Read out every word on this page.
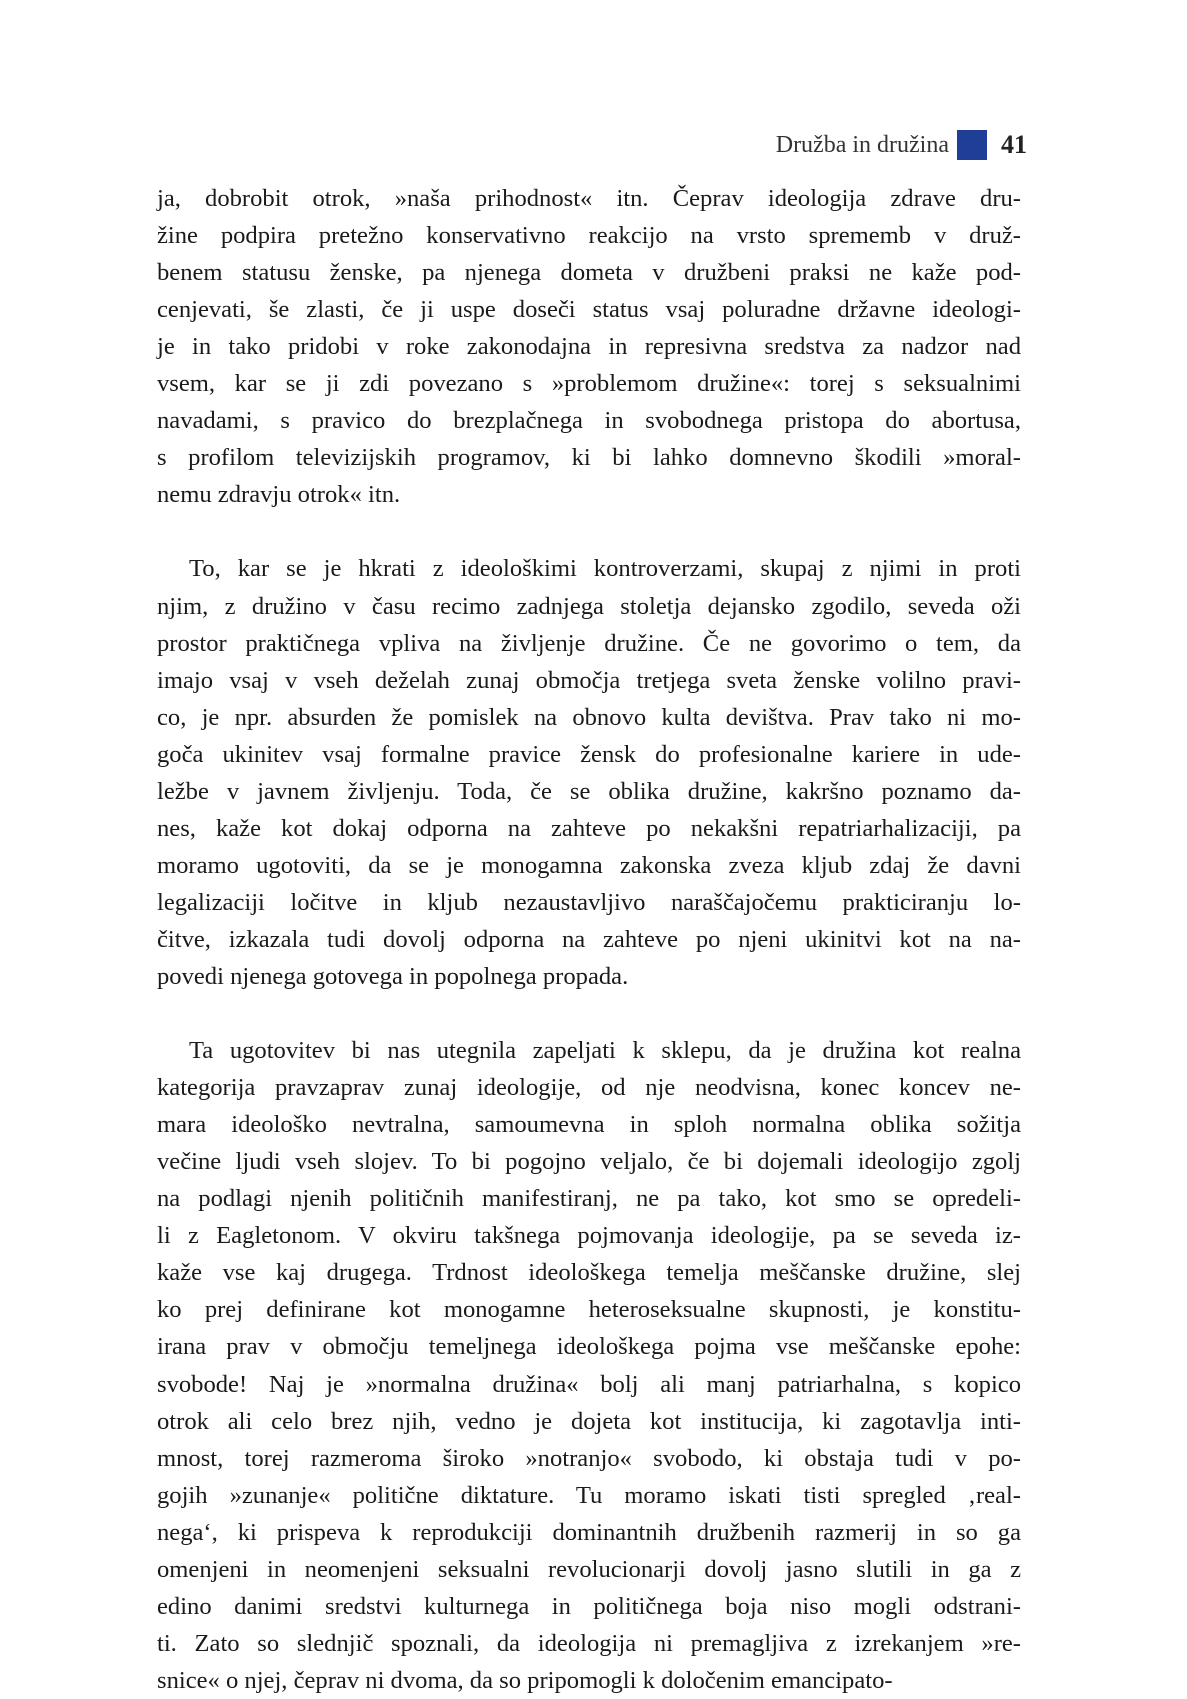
Družba in družina 41

ja, dobrobit otrok, »naša prihodnost« itn. Čeprav ideologija zdrave dru-
žine podpira pretežno konservativno reakcijo na vrsto sprememb v druž-
benem statusu ženske, pa njenega dometa v družbeni praksi ne kaže pod-
cenjevati, še zlasti, če ji uspe doseči status vsaj poluradne državne ideologi-
je in tako pridobi v roke zakonodajna in represivna sredstva za nadzor nad
vsem, kar se ji zdi povezano s »problemom družine«: torej s seksualnimi
navadami, s pravico do brezplačnega in svobodnega pristopa do abortusa,
s profilom televizijskih programov, ki bi lahko domnevno škodili »moral-
nemu zdravju otrok« itn.

To, kar se je hkrati z ideološkimi kontroverzami, skupaj z njimi in proti
njim, z družino v času recimo zadnjega stoletja dejansko zgodilo, seveda oži
prostor praktičnega vpliva na življenje družine. Če ne govorimo o tem, da
imajo vsaj v vseh deželah zunaj območja tretjega sveta ženske volilno pravi-
co, je npr. absurden že pomislek na obnovo kulta devištva. Prav tako ni mo-
goča ukinitev vsaj formalne pravice žensk do profesionalne kariere in ude-
ležbe v javnem življenju. Toda, če se oblika družine, kakršno poznamo da-
nes, kaže kot dokaj odporna na zahteve po nekakšni repatriarhalizaciji, pa
moramo ugotoviti, da se je monogamna zakonska zveza kljub zdaj že davni
legalizaciji ločitve in kljub nezaustavljivo naraščajočemu prakticiranju lo-
čitve, izkazala tudi dovolj odporna na zahteve po njeni ukinitvi kot na na-
povedi njenega gotovega in popolnega propada.

Ta ugotovitev bi nas utegnila zapeljati k sklepu, da je družina kot realna
kategorija pravzaprav zunaj ideologije, od nje neodvisna, konec koncev ne-
mara ideološko nevtralna, samoumevna in sploh normalna oblika sožitja
večine ljudi vseh slojev. To bi pogojno veljalo, če bi dojemali ideologijo zgolj
na podlagi njenih političnih manifestiranj, ne pa tako, kot smo se opredeli-
li z Eagletonom. V okviru takšnega pojmovanja ideologije, pa se seveda iz-
kaže vse kaj drugega. Trdnost ideološkega temelja meščanske družine, slej
ko prej definirane kot monogamne heteroseksualne skupnosti, je konstitu-
irana prav v območju temeljnega ideološkega pojma vse meščanske epohe:
svobode! Naj je »normalna družina« bolj ali manj patriarhalna, s kopico
otrok ali celo brez njih, vedno je dojeta kot institucija, ki zagotavlja inti-
mnost, torej razmeroma široko »notranjo« svobodo, ki obstaja tudi v po-
gojih »zunanje« politične diktature. Tu moramo iskati tisti spregled ‚real-
nega‘, ki prispeva k reprodukciji dominantnih družbenih razmerij in so ga
omenjeni in neomenjeni seksualni revolucionarji dovolj jasno slutili in ga z
edino danimi sredstvi kulturnega in političnega boja niso mogli odstrani-
ti. Zato so slednjič spoznali, da ideologija ni premagljiva z izrekanjem »re-
snice« o njej, čeprav ni dvoma, da so pripomogli k določenim emancipato-
